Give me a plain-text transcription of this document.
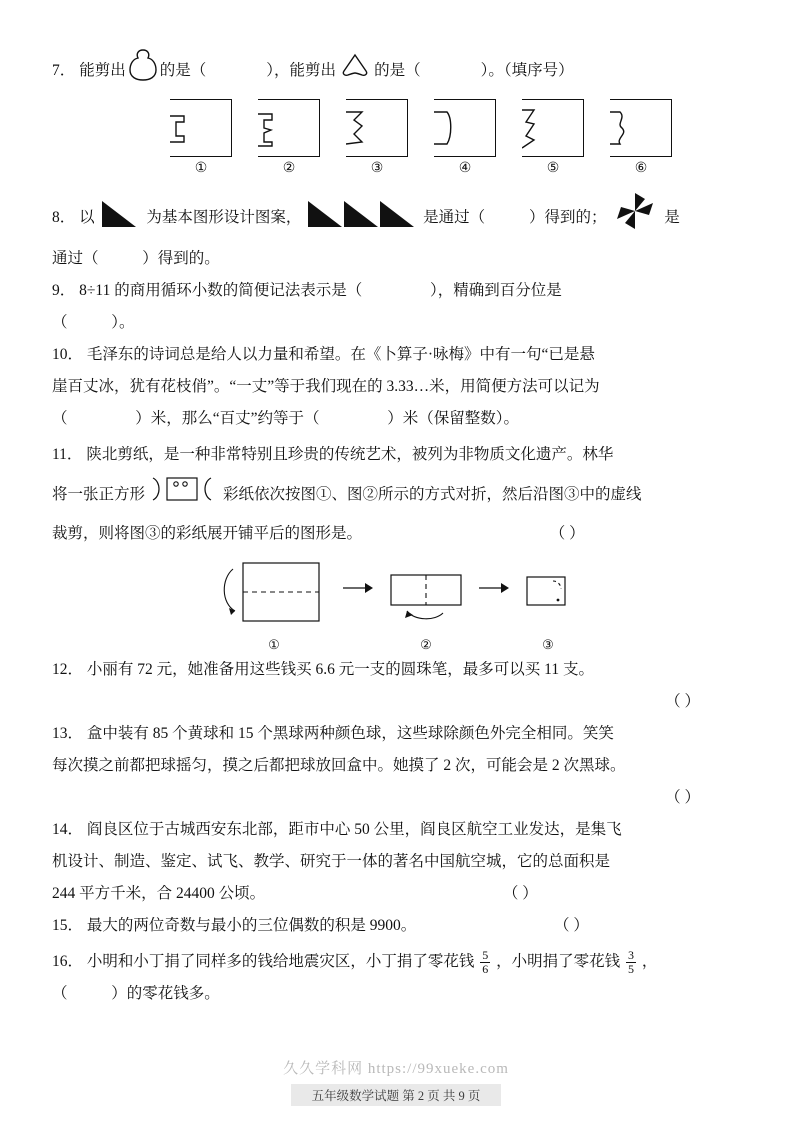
7． 能剪出 的是（	），能剪出 的是（	）。（填序号）
①	②	③	④	⑤	⑥
8． 以	为基本图形设计图案，	是通过（	）得到的；	是
通过（	）得到的。
9． 8÷11 的商用循环小数的简便记法表示是（	），精确到百分位是
（	）。
10． 毛泽东的诗词总是给人以力量和希望。在《卜算子·咏梅》中有一句“已是悬
崖百丈冰，犹有花枝俏”。“一丈”等于我们现在的 3.33…米，用简便方法可以记为
（	）米，那么“百丈”约等于（	）米（保留整数）。
11． 陕北剪纸，是一种非常特别且珍贵的传统艺术，被列为非物质文化遗产。林华
将一张正方形	彩纸依次按图①、图②所示的方式对折，然后沿图③中的虚线
裁剪，则将图③的彩纸展开铺平后的图形是。	（ ）
①	②	③
12． 小丽有 72 元，她准备用这些钱买 6.6 元一支的圆珠笔，最多可以买 11 支。
（ ）
13． 盒中装有 85 个黄球和 15 个黑球两种颜色球，这些球除颜色外完全相同。笑笑
每次摸之前都把球摇匀，摸之后都把球放回盒中。她摸了 2 次，可能会是 2 次黑球。
（ ）
14． 阎良区位于古城西安东北部，距市中心 50 公里，阎良区航空工业发达，是集飞
机设计、制造、鉴定、试飞、教学、研究于一体的著名中国航空城，它的总面积是
244 平方千米，合 24400 公顷。	（ ）
15． 最大的两位奇数与最小的三位偶数的积是 9900。	（ ）
16． 小明和小丁捐了同样多的钱给地震灾区，小丁捐了零花钱 $\frac{5}{6}$ ，小明捐了零花钱 $\frac{3}{5}$ ，
（	）的零花钱多。
久久学科网 https://99xueke.com
五年级数学试题 第 2 页 共 9 页
